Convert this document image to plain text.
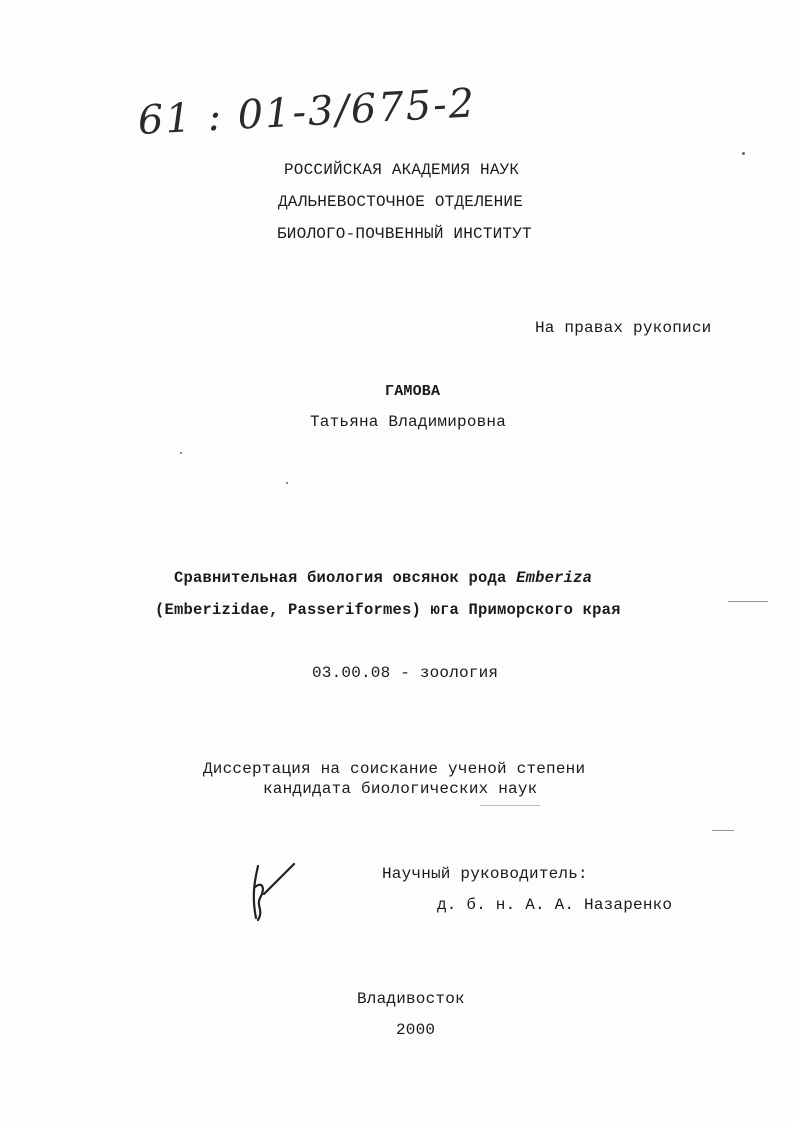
61 : 01-3/675-2
РОССИЙСКАЯ АКАДЕМИЯ НАУК
ДАЛЬНЕВОСТОЧНОЕ ОТДЕЛЕНИЕ
БИОЛОГО-ПОЧВЕННЫЙ ИНСТИТУТ
На правах рукописи
ГАМОВА
Татьяна Владимировна
Сравнительная биология овсянок рода Emberiza
(Emberizidae, Passeriformes) юга Приморского края
03.00.08 - зоология
Диссертация на соискание ученой степени
кандидата биологических наук
Научный руководитель:
д. б. н. А. А. Назаренко
Владивосток
2000
